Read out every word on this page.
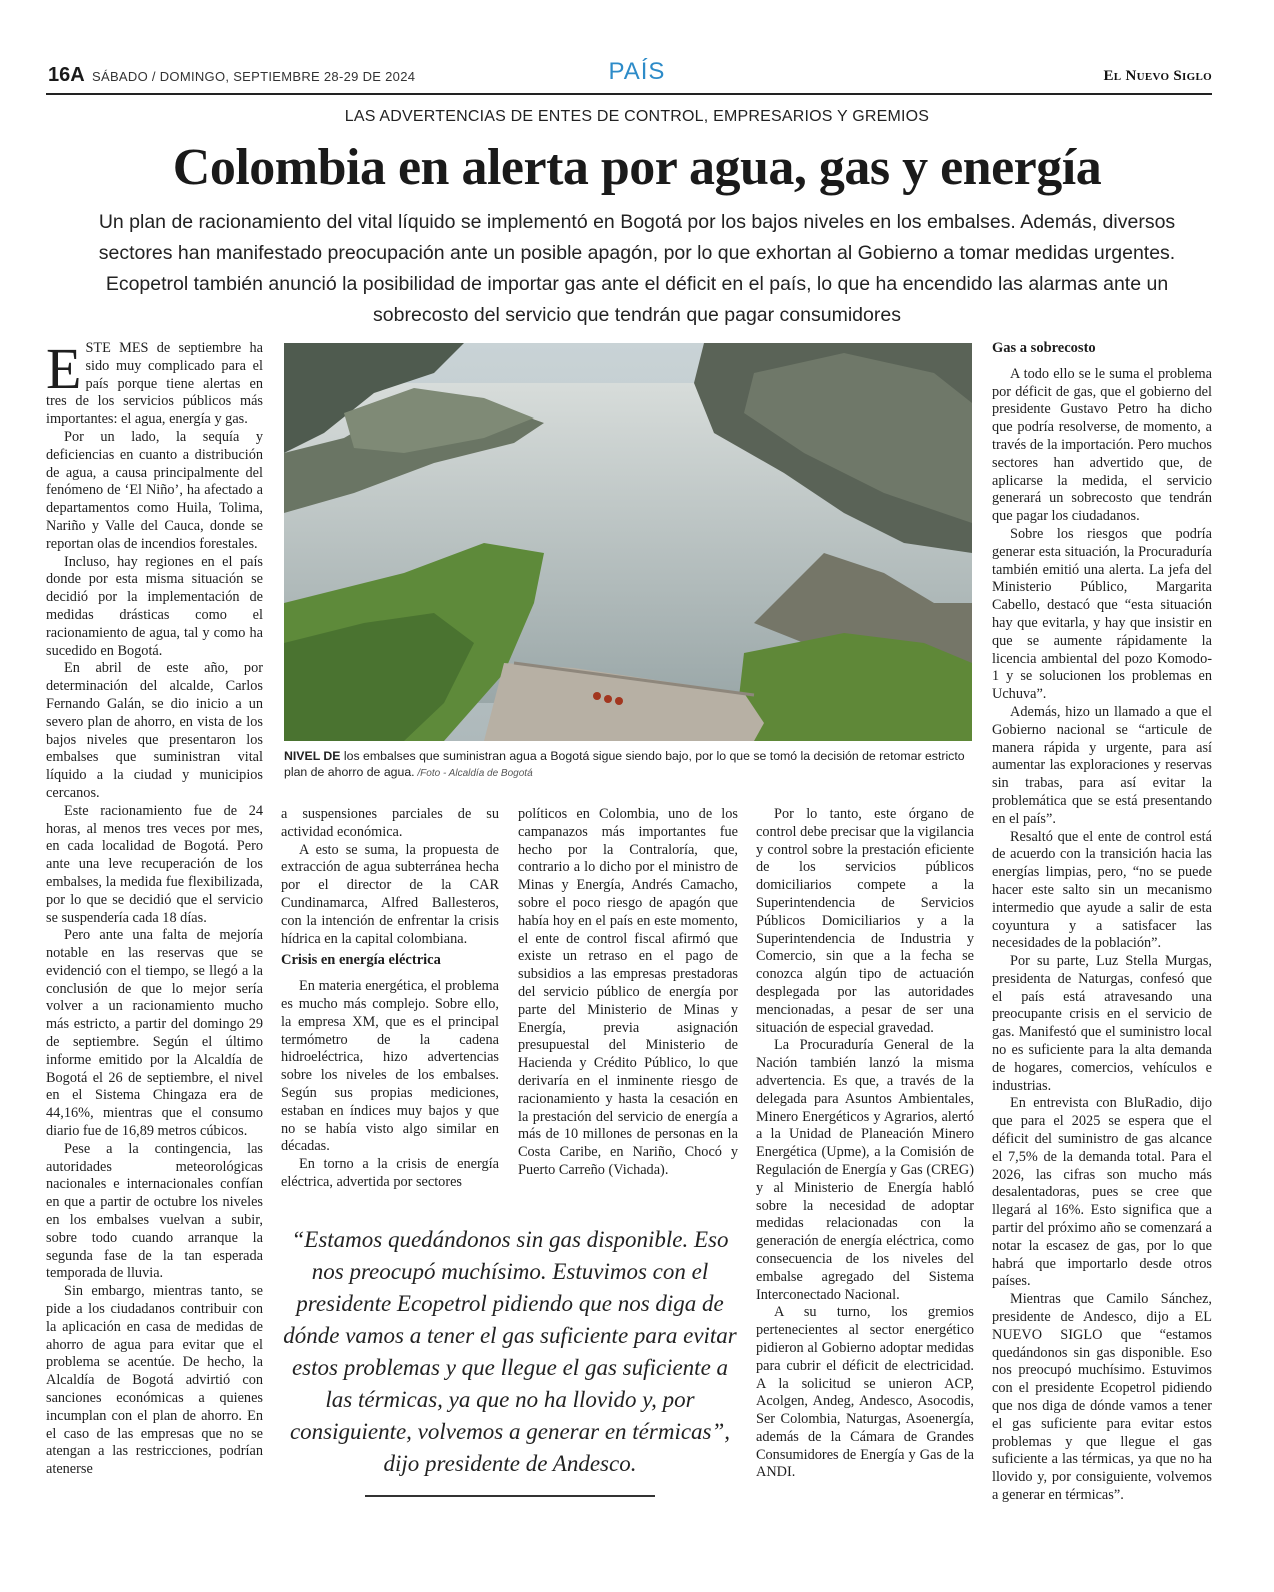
16A SÁBADO / DOMINGO, SEPTIEMBRE 28-29 DE 2024	PAÍS	El Nuevo Siglo
LAS ADVERTENCIAS DE ENTES DE CONTROL, EMPRESARIOS Y GREMIOS
Colombia en alerta por agua, gas y energía
Un plan de racionamiento del vital líquido se implementó en Bogotá por los bajos niveles en los embalses. Además, diversos sectores han manifestado preocupación ante un posible apagón, por lo que exhortan al Gobierno a tomar medidas urgentes. Ecopetrol también anunció la posibilidad de importar gas ante el déficit en el país, lo que ha encendido las alarmas ante un sobrecosto del servicio que tendrán que pagar consumidores
E STE MES de septiembre ha sido muy complicado para el país porque tiene alertas en tres de los servicios públicos más importantes: el agua, energía y gas.

Por un lado, la sequía y deficiencias en cuanto a distribución de agua, a causa principalmente del fenómeno de ‘El Niño’, ha afectado a departamentos como Huila, Tolima, Nariño y Valle del Cauca, donde se reportan olas de incendios forestales.

Incluso, hay regiones en el país donde por esta misma situación se decidió por la implementación de medidas drásticas como el racionamiento de agua, tal y como ha sucedido en Bogotá.

En abril de este año, por determinación del alcalde, Carlos Fernando Galán, se dio inicio a un severo plan de ahorro, en vista de los bajos niveles que presentaron los embalses que suministran vital líquido a la ciudad y municipios cercanos.

Este racionamiento fue de 24 horas, al menos tres veces por mes, en cada localidad de Bogotá. Pero ante una leve recuperación de los embalses, la medida fue flexibilizada, por lo que se decidió que el servicio se suspendería cada 18 días.

Pero ante una falta de mejoría notable en las reservas que se evidenció con el tiempo, se llegó a la conclusión de que lo mejor sería volver a un racionamiento mucho más estricto, a partir del domingo 29 de septiembre. Según el último informe emitido por la Alcaldía de Bogotá el 26 de septiembre, el nivel en el Sistema Chingaza era de 44,16%, mientras que el consumo diario fue de 16,89 metros cúbicos.

Pese a la contingencia, las autoridades meteorológicas nacionales e internacionales confían en que a partir de octubre los niveles en los embalses vuelvan a subir, sobre todo cuando arranque la segunda fase de la tan esperada temporada de lluvia.

Sin embargo, mientras tanto, se pide a los ciudadanos contribuir con la aplicación en casa de medidas de ahorro de agua para evitar que el problema se acentúe. De hecho, la Alcaldía de Bogotá advirtió con sanciones económicas a quienes incumplan con el plan de ahorro. En el caso de las empresas que no se atengan a las restricciones, podrían atenerse

NIVEL DE los embalses que suministran agua a Bogotá sigue siendo bajo, por lo que se tomó la decisión de retomar estricto plan de ahorro de agua. /Foto - Alcaldía de Bogotá

a suspensiones parciales de su actividad económica.

A esto se suma, la propuesta de extracción de agua subterránea hecha por el director de la CAR Cundinamarca, Alfred Ballesteros, con la intención de enfrentar la crisis hídrica en la capital colombiana.

Crisis en energía eléctrica

En materia energética, el problema es mucho más complejo. Sobre ello, la empresa XM, que es el principal termómetro de la cadena hidroeléctrica, hizo advertencias sobre los niveles de los embalses. Según sus propias mediciones, estaban en índices muy bajos y que no se había visto algo similar en décadas.

En torno a la crisis de energía eléctrica, advertida por sectores

políticos en Colombia, uno de los campanazos más importantes fue hecho por la Contraloría, que, contrario a lo dicho por el ministro de Minas y Energía, Andrés Camacho, sobre el poco riesgo de apagón que había hoy en el país en este momento, el ente de control fiscal afirmó que existe un retraso en el pago de subsidios a las empresas prestadoras del servicio público de energía por parte del Ministerio de Minas y Energía, previa asignación presupuestal del Ministerio de Hacienda y Crédito Público, lo que derivaría en el inminente riesgo de racionamiento y hasta la cesación en la prestación del servicio de energía a más de 10 millones de personas en la Costa Caribe, en Nariño, Chocó y Puerto Carreño (Vichada).

“Estamos quedándonos sin gas disponible. Eso nos preocupó muchísimo. Estuvimos con el presidente Ecopetrol pidiendo que nos diga de dónde vamos a tener el gas suficiente para evitar estos problemas y que llegue el gas suficiente a las térmicas, ya que no ha llovido y, por consiguiente, volvemos a generar en térmicas”,
dijo presidente de Andesco.

Por lo tanto, este órgano de control debe precisar que la vigilancia y control sobre la prestación eficiente de los servicios públicos domiciliarios compete a la Superintendencia de Servicios Públicos Domiciliarios y a la Superintendencia de Industria y Comercio, sin que a la fecha se conozca algún tipo de actuación desplegada por las autoridades mencionadas, a pesar de ser una situación de especial gravedad.

La Procuraduría General de la Nación también lanzó la misma advertencia. Es que, a través de la delegada para Asuntos Ambientales, Minero Energéticos y Agrarios, alertó a la Unidad de Planeación Minero Energética (Upme), a la Comisión de Regulación de Energía y Gas (CREG) y al Ministerio de Energía habló sobre la necesidad de adoptar medidas relacionadas con la generación de energía eléctrica, como consecuencia de los niveles del embalse agregado del Sistema Interconectado Nacional.

A su turno, los gremios pertenecientes al sector energético pidieron al Gobierno adoptar medidas para cubrir el déficit de electricidad. A la solicitud se unieron ACP, Acolgen, Andeg, Andesco, Asocodis, Ser Colombia, Naturgas, Asoenergía, además de la Cámara de Grandes Consumidores de Energía y Gas de la ANDI.

Gas a sobrecosto

A todo ello se le suma el problema por déficit de gas, que el gobierno del presidente Gustavo Petro ha dicho que podría resolverse, de momento, a través de la importación. Pero muchos sectores han advertido que, de aplicarse la medida, el servicio generará un sobrecosto que tendrán que pagar los ciudadanos.

Sobre los riesgos que podría generar esta situación, la Procuraduría también emitió una alerta. La jefa del Ministerio Público, Margarita Cabello, destacó que “esta situación hay que evitarla, y hay que insistir en que se aumente rápidamente la licencia ambiental del pozo Komodo-1 y se solucionen los problemas en Uchuva”.

Además, hizo un llamado a que el Gobierno nacional se “articule de manera rápida y urgente, para así aumentar las exploraciones y reservas sin trabas, para así evitar la problemática que se está presentando en el país”.

Resaltó que el ente de control está de acuerdo con la transición hacia las energías limpias, pero, “no se puede hacer este salto sin un mecanismo intermedio que ayude a salir de esta coyuntura y a satisfacer las necesidades de la población”.

Por su parte, Luz Stella Murgas, presidenta de Naturgas, confesó que el país está atravesando una preocupante crisis en el servicio de gas. Manifestó que el suministro local no es suficiente para la alta demanda de hogares, comercios, vehículos e industrias.

En entrevista con BluRadio, dijo que para el 2025 se espera que el déficit del suministro de gas alcance el 7,5% de la demanda total. Para el 2026, las cifras son mucho más desalentadoras, pues se cree que llegará al 16%. Esto significa que a partir del próximo año se comenzará a notar la escasez de gas, por lo que habrá que importarlo desde otros países.

Mientras que Camilo Sánchez, presidente de Andesco, dijo a EL NUEVO SIGLO que “estamos quedándonos sin gas disponible. Eso nos preocupó muchísimo. Estuvimos con el presidente Ecopetrol pidiendo que nos diga de dónde vamos a tener el gas suficiente para evitar estos problemas y que llegue el gas suficiente a las térmicas, ya que no ha llovido y, por consiguiente, volvemos a generar en térmicas”.
